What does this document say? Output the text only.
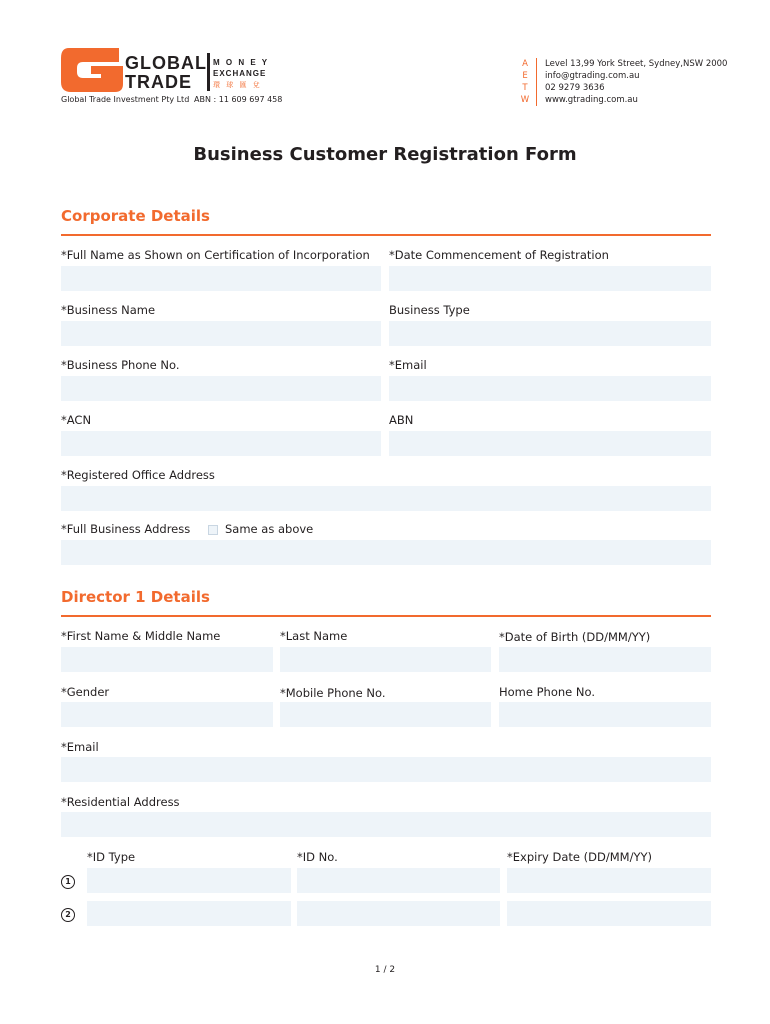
GLOBAL
TRADE
M O N E Y
EXCHANGE
環 球 匯 兌
Global Trade Investment Pty Ltd ABN : 11 609 697 458
A
E
T
W
Level 13,99 York Street, Sydney,NSW 2000
info@gtrading.com.au
02 9279 3636
www.gtrading.com.au
Business Customer Registration Form
Corporate Details
*Full Name as Shown on Certification of Incorporation *Date Commencement of Registration
*Business Name	Business Type
*Business Phone No.	*Email
*ACN	ABN
*Registered Office Address
*Full Business Address	Same as above
Director 1 Details
*First Name & Middle Name	*Last Name	*Date of Birth (DD/MM/YY)
*Gender	*Mobile Phone No.	Home Phone No.
*Email
*Residential Address
*ID Type	*ID No.	*Expiry Date (DD/MM/YY)
1
2
1 / 2
